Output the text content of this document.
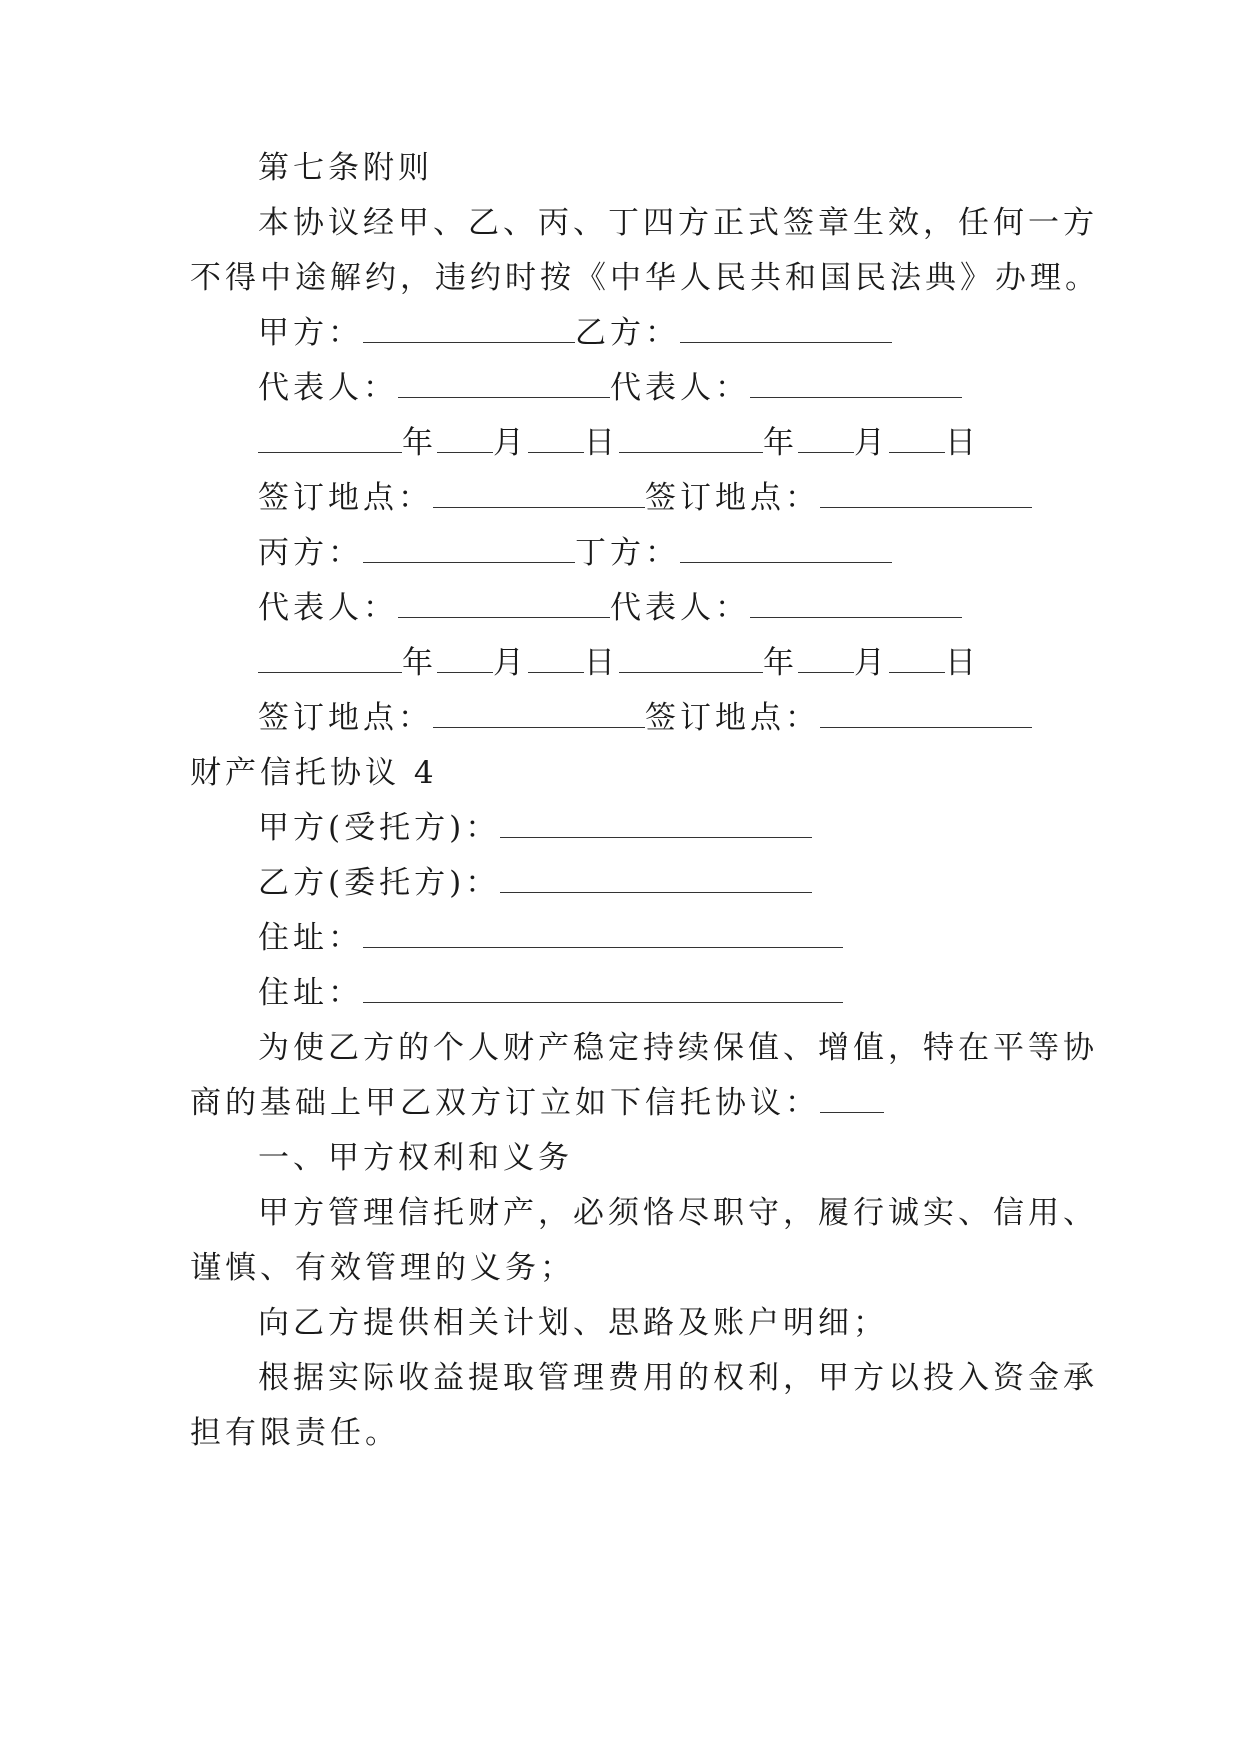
第七条附则
本协议经甲、乙、丙、丁四方正式签章生效，任何一方
不得中途解约，违约时按《中华人民共和国民法典》办理。
甲方：	乙方：
代表人：	代表人：
年 月 日	年 月 日
签订地点：	签订地点：
丙方：	丁方：
代表人：	代表人：
年 月 日	年 月 日
签订地点：	签订地点：
财产信托协议 4
甲方(受托方)：
乙方(委托方)：
住址：
住址：
为使乙方的个人财产稳定持续保值、增值，特在平等协
商的基础上甲乙双方订立如下信托协议：
一、甲方权利和义务
甲方管理信托财产，必须恪尽职守，履行诚实、信用、
谨慎、有效管理的义务；
向乙方提供相关计划、思路及账户明细；
根据实际收益提取管理费用的权利，甲方以投入资金承
担有限责任。
